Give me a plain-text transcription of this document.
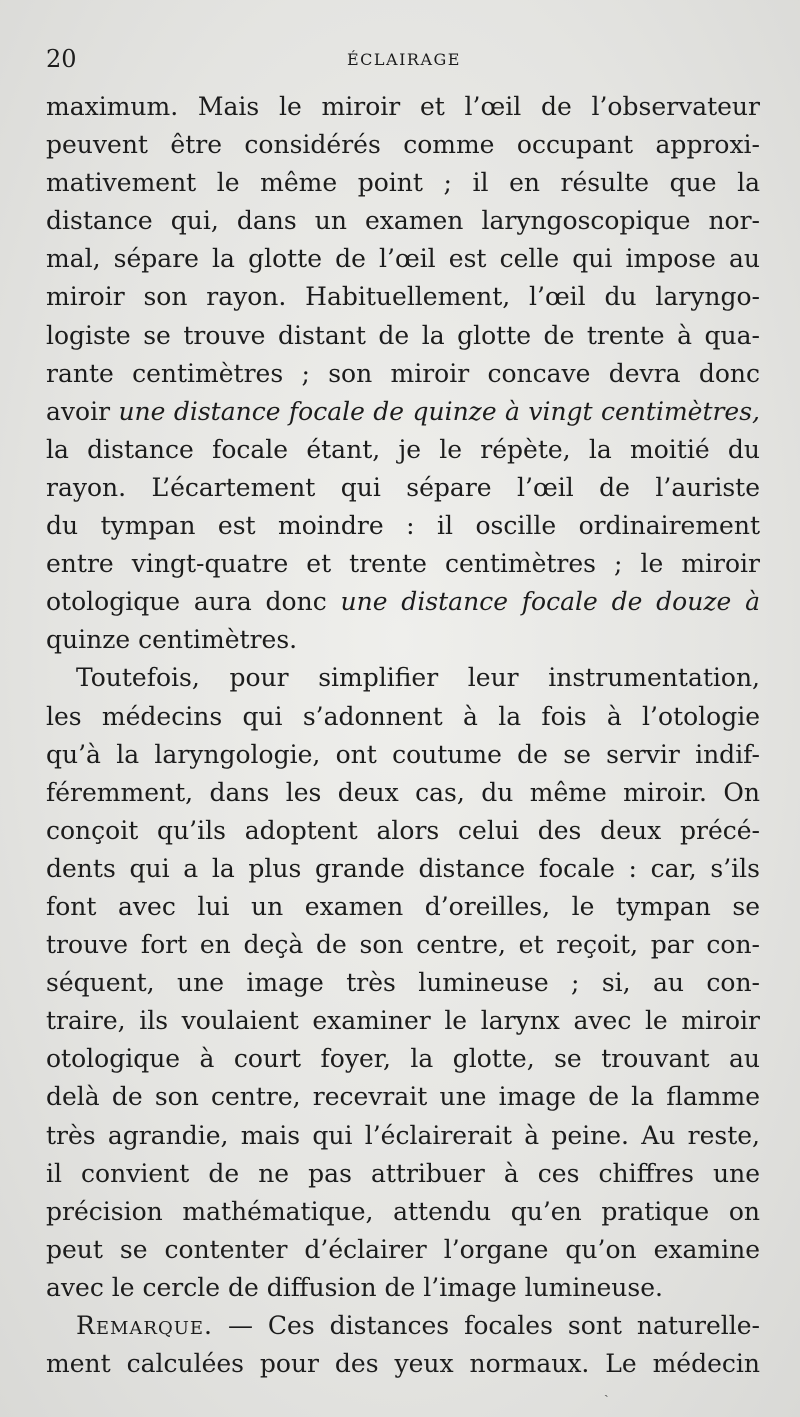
20	ÉCLAIRAGE
maximum. Mais le miroir et l’œil de l’observateur
peuvent être considérés comme occupant approxi-
mativement le même point ; il en résulte que la
distance qui, dans un examen laryngoscopique nor-
mal, sépare la glotte de l’œil est celle qui impose au
miroir son rayon. Habituellement, l’œil du laryngo-
logiste se trouve distant de la glotte de trente à qua-
rante centimètres ; son miroir concave devra donc
avoir une distance focale de quinze à vingt centimètres,
la distance focale étant, je le répète, la moitié du
rayon. L’écartement qui sépare l’œil de l’auriste
du tympan est moindre : il oscille ordinairement
entre vingt-quatre et trente centimètres ; le miroir
otologique aura donc une distance focale de douze à
quinze centimètres.
Toutefois, pour simplifier leur instrumentation,
les médecins qui s’adonnent à la fois à l’otologie
qu’à la laryngologie, ont coutume de se servir indif-
féremment, dans les deux cas, du même miroir. On
conçoit qu’ils adoptent alors celui des deux précé-
dents qui a la plus grande distance focale : car, s’ils
font avec lui un examen d’oreilles, le tympan se
trouve fort en deçà de son centre, et reçoit, par con-
séquent, une image très lumineuse ; si, au con-
traire, ils voulaient examiner le larynx avec le miroir
otologique à court foyer, la glotte, se trouvant au
delà de son centre, recevrait une image de la flamme
très agrandie, mais qui l’éclairerait à peine. Au reste,
il convient de ne pas attribuer à ces chiffres une
précision mathématique, attendu qu’en pratique on
peut se contenter d’éclairer l’organe qu’on examine
avec le cercle de diffusion de l’image lumineuse.
Remarque. — Ces distances focales sont naturelle-
ment calculées pour des yeux normaux. Le médecin
ˎ
